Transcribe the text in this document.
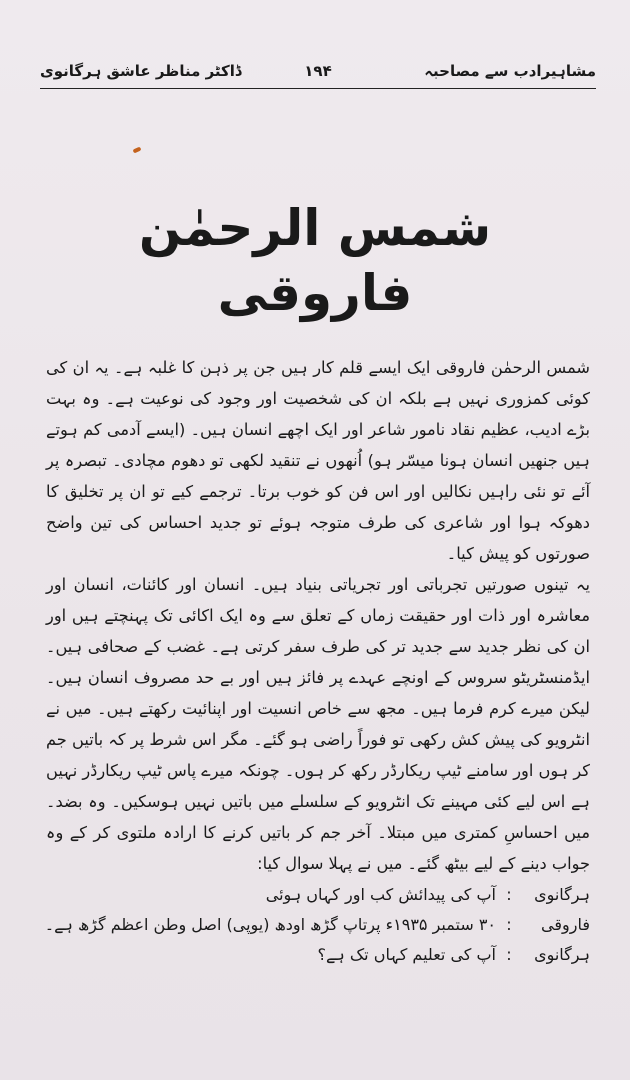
مشاہیرادب سے مصاحبہ
۱۹۴
ڈاکٹر مناظر عاشق ہرگانوی
شمس الرحمٰن فاروقی

شمس الرحمٰن فاروقی ایک ایسے قلم کار ہیں جن پر ذہن کا غلبہ ہے۔ یہ ان کی کوئی کمزوری نہیں ہے بلکہ ان کی شخصیت اور وجود کی نوعیت ہے۔ وہ بہت بڑے ادیب، عظیم نقاد نامور شاعر اور ایک اچھے انسان ہیں۔ (ایسے آدمی کم ہوتے ہیں جنھیں انسان ہونا میسّر ہو) اُنھوں نے تنقید لکھی تو دھوم مچادی۔ تبصرہ پر آئے تو نئی راہیں نکالیں اور اس فن کو خوب برتا۔ ترجمے کیے تو ان پر تخلیق کا دھوکہ ہوا اور شاعری کی طرف متوجہ ہوئے تو جدید احساس کی تین واضح صورتوں کو پیش کیا۔

یہ تینوں صورتیں تجرباتی اور تجریاتی بنیاد ہیں۔ انسان اور کائنات، انسان اور معاشرہ اور ذات اور حقیقت زماں کے تعلق سے وہ ایک اکائی تک پہنچتے ہیں اور ان کی نظر جدید سے جدید تر کی طرف سفر کرتی ہے۔ غضب کے صحافی ہیں۔ ایڈمنسٹریٹو سروس کے اونچے عہدے پر فائز ہیں اور بے حد مصروف انسان ہیں۔ لیکن میرے کرم فرما ہیں۔ مجھ سے خاص انسیت اور اپنائیت رکھتے ہیں۔ میں نے انٹرویو کی پیش کش رکھی تو فوراً راضی ہو گئے۔ مگر اس شرط پر کہ باتیں جم کر ہوں اور سامنے ٹیپ ریکارڈر رکھ کر ہوں۔ چونکہ میرے پاس ٹیپ ریکارڈر نہیں ہے اس لیے کئی مہینے تک انٹرویو کے سلسلے میں باتیں نہیں ہوسکیں۔ وہ بضد۔ میں احساسِ کمتری میں مبتلا۔ آخر جم کر باتیں کرنے کا ارادہ ملتوی کر کے وہ جواب دینے کے لیے بیٹھ گئے۔ میں نے پہلا سوال کیا:

ہرگانوی
:
آپ کی پیدائش کب اور کہاں ہوئی
فاروقی
:
۳۰ ستمبر ۱۹۳۵ء پرتاپ گڑھ اودھ (یوپی) اصل وطن اعظم گڑھ ہے۔
ہرگانوی
:
آپ کی تعلیم کہاں تک ہے؟
